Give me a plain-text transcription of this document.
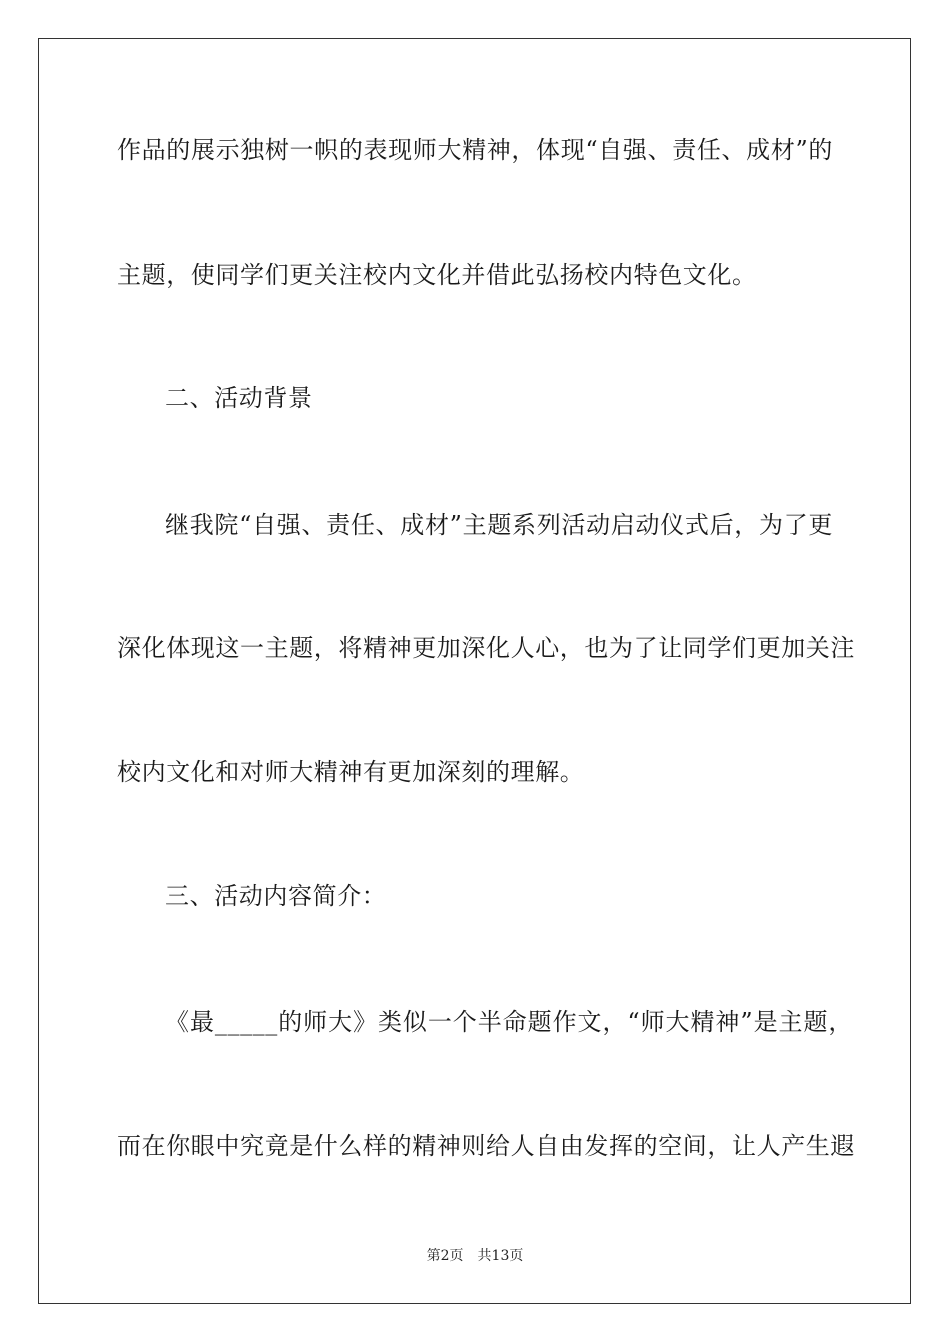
作品的展示独树一帜的表现师大精神，体现“自强、责任、成材”的
主题，使同学们更关注校内文化并借此弘扬校内特色文化。
二、活动背景
继我院“自强、责任、成材”主题系列活动启动仪式后，为了更
深化体现这一主题，将精神更加深化人心，也为了让同学们更加关注
校内文化和对师大精神有更加深刻的理解。
三、活动内容简介：
《最_____的师大》类似一个半命题作文，“师大精神”是主题，
而在你眼中究竟是什么样的精神则给人自由发挥的空间，让人产生遐
第2页 共13页
